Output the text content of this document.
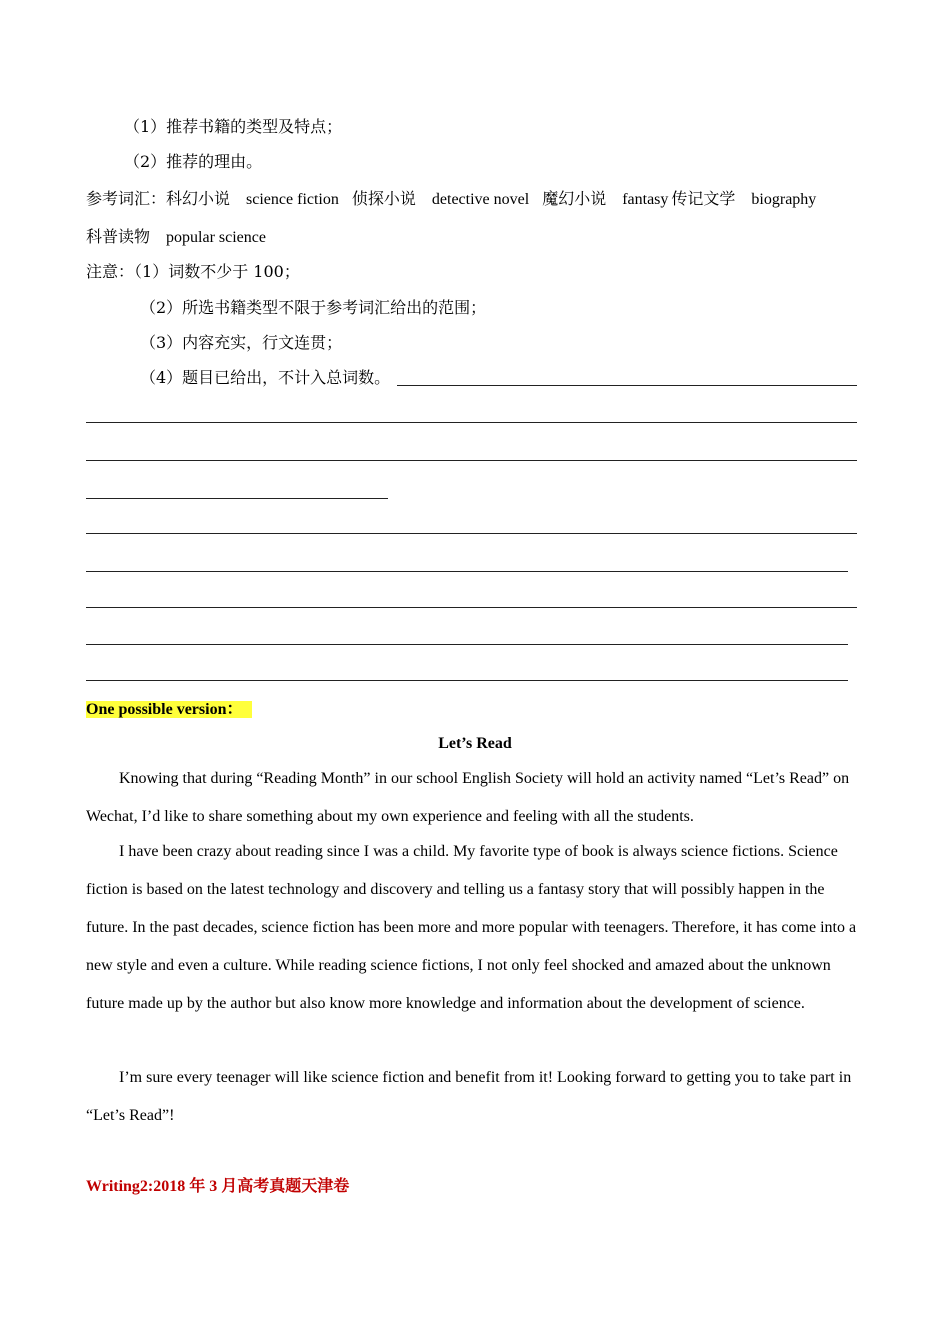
（1）推荐书籍的类型及特点；
（2）推荐的理由。
参考词汇：科幻小说 science fiction 侦探小说 detective novel 魔幻小说 fantasy 传记文学 biography
科普读物 popular science
注意：（1）词数不少于 100；
（2）所选书籍类型不限于参考词汇给出的范围；
（3）内容充实，行文连贯；
（4）题目已给出，不计入总词数。
One possible version：
Let’s Read
Knowing that during “Reading Month” in our school English Society will hold an activity named “Let’s Read” on Wechat, I’d like to share something about my own experience and feeling with all the students.
I have been crazy about reading since I was a child. My favorite type of book is always science fictions. Science fiction is based on the latest technology and discovery and telling us a fantasy story that will possibly happen in the future. In the past decades, science fiction has been more and more popular with teenagers. Therefore, it has come into a new style and even a culture. While reading science fictions, I not only feel shocked and amazed about the unknown future made up by the author but also know more knowledge and information about the development of science.
I’m sure every teenager will like science fiction and benefit from it! Looking forward to getting you to take part in “Let’s Read”!
Writing2:2018 年 3 月高考真题天津卷
